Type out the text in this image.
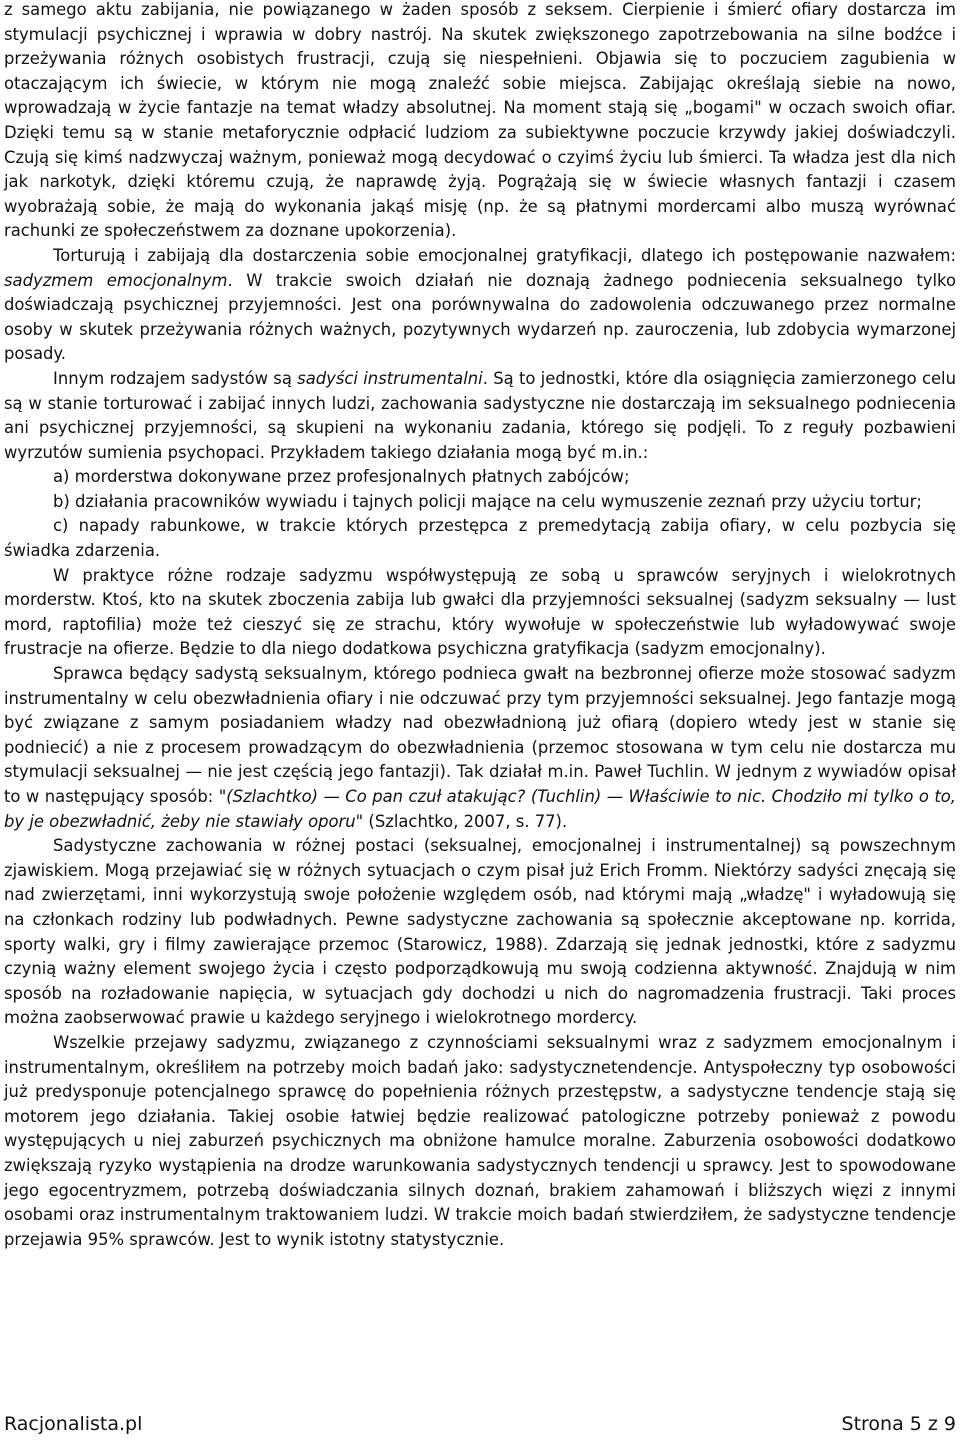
z samego aktu zabijania, nie powiązanego w żaden sposób z seksem. Cierpienie i śmierć ofiary dostarcza im stymulacji psychicznej i wprawia w dobry nastrój. Na skutek zwiększonego zapotrzebowania na silne bodźce i przeżywania różnych osobistych frustracji, czują się niespełnieni. Objawia się to poczuciem zagubienia w otaczającym ich świecie, w którym nie mogą znaleźć sobie miejsca. Zabijając określają siebie na nowo, wprowadzają w życie fantazje na temat władzy absolutnej. Na moment stają się „bogami" w oczach swoich ofiar. Dzięki temu są w stanie metaforycznie odpłacić ludziom za subiektywne poczucie krzywdy jakiej doświadczyli. Czują się kimś nadzwyczaj ważnym, ponieważ mogą decydować o czyimś życiu lub śmierci. Ta władza jest dla nich jak narkotyk, dzięki któremu czują, że naprawdę żyją. Pogrążają się w świecie własnych fantazji i czasem wyobrażają sobie, że mają do wykonania jakąś misję (np. że są płatnymi mordercami albo muszą wyrównać rachunki ze społeczeństwem za doznane upokorzenia).

Torturują i zabijają dla dostarczenia sobie emocjonalnej gratyfikacji, dlatego ich postępowanie nazwałem: sadyzmem emocjonalnym. W trakcie swoich działań nie doznają żadnego podniecenia seksualnego tylko doświadczają psychicznej przyjemności. Jest ona porównywalna do zadowolenia odczuwanego przez normalne osoby w skutek przeżywania różnych ważnych, pozytywnych wydarzeń np. zauroczenia, lub zdobycia wymarzonej posady.

Innym rodzajem sadystów są sadyści instrumentalni. Są to jednostki, które dla osiągnięcia zamierzonego celu są w stanie torturować i zabijać innych ludzi, zachowania sadystyczne nie dostarczają im seksualnego podniecenia ani psychicznej przyjemności, są skupieni na wykonaniu zadania, którego się podjęli. To z reguły pozbawieni wyrzutów sumienia psychopaci. Przykładem takiego działania mogą być m.in.:

a) morderstwa dokonywane przez profesjonalnych płatnych zabójców;

b) działania pracowników wywiadu i tajnych policji mające na celu wymuszenie zeznań przy użyciu tortur;

c) napady rabunkowe, w trakcie których przestępca z premedytacją zabija ofiary, w celu pozbycia się świadka zdarzenia.

W praktyce różne rodzaje sadyzmu współwystępują ze sobą u sprawców seryjnych i wielokrotnych morderstw. Ktoś, kto na skutek zboczenia zabija lub gwałci dla przyjemności seksualnej (sadyzm seksualny — lust mord, raptofilia) może też cieszyć się ze strachu, który wywołuje w społeczeństwie lub wyładowywać swoje frustracje na ofierze. Będzie to dla niego dodatkowa psychiczna gratyfikacja (sadyzm emocjonalny).

Sprawca będący sadystą seksualnym, którego podnieca gwałt na bezbronnej ofierze może stosować sadyzm instrumentalny w celu obezwładnienia ofiary i nie odczuwać przy tym przyjemności seksualnej. Jego fantazje mogą być związane z samym posiadaniem władzy nad obezwładnioną już ofiarą (dopiero wtedy jest w stanie się podniecić) a nie z procesem prowadzącym do obezwładnienia (przemoc stosowana w tym celu nie dostarcza mu stymulacji seksualnej — nie jest częścią jego fantazji). Tak działał m.in. Paweł Tuchlin. W jednym z wywiadów opisał to w następujący sposób: "(Szlachtko) — Co pan czuł atakując? (Tuchlin) — Właściwie to nic. Chodziło mi tylko o to, by je obezwładnić, żeby nie stawiały oporu" (Szlachtko, 2007, s. 77).

Sadystyczne zachowania w różnej postaci (seksualnej, emocjonalnej i instrumentalnej) są powszechnym zjawiskiem. Mogą przejawiać się w różnych sytuacjach o czym pisał już Erich Fromm. Niektórzy sadyści znęcają się nad zwierzętami, inni wykorzystują swoje położenie względem osób, nad którymi mają „władzę" i wyładowują się na członkach rodziny lub podwładnych. Pewne sadystyczne zachowania są społecznie akceptowane np. korrida, sporty walki, gry i filmy zawierające przemoc (Starowicz, 1988). Zdarzają się jednak jednostki, które z sadyzmu czynią ważny element swojego życia i często podporządkowują mu swoją codzienna aktywność. Znajdują w nim sposób na rozładowanie napięcia, w sytuacjach gdy dochodzi u nich do nagromadzenia frustracji. Taki proces można zaobserwować prawie u każdego seryjnego i wielokrotnego mordercy.

Wszelkie przejawy sadyzmu, związanego z czynnościami seksualnymi wraz z sadyzmem emocjonalnym i instrumentalnym, określiłem na potrzeby moich badań jako: sadystycznetendencje. Antyspołeczny typ osobowości już predysponuje potencjalnego sprawcę do popełnienia różnych przestępstw, a sadystyczne tendencje stają się motorem jego działania. Takiej osobie łatwiej będzie realizować patologiczne potrzeby ponieważ z powodu występujących u niej zaburzeń psychicznych ma obniżone hamulce moralne. Zaburzenia osobowości dodatkowo zwiększają ryzyko wystąpienia na drodze warunkowania sadystycznych tendencji u sprawcy. Jest to spowodowane jego egocentryzmem, potrzebą doświadczania silnych doznań, brakiem zahamowań i bliższych więzi z innymi osobami oraz instrumentalnym traktowaniem ludzi. W trakcie moich badań stwierdziłem, że sadystyczne tendencje przejawia 95% sprawców. Jest to wynik istotny statystycznie.

Racjonalista.pl	Strona 5 z 9
